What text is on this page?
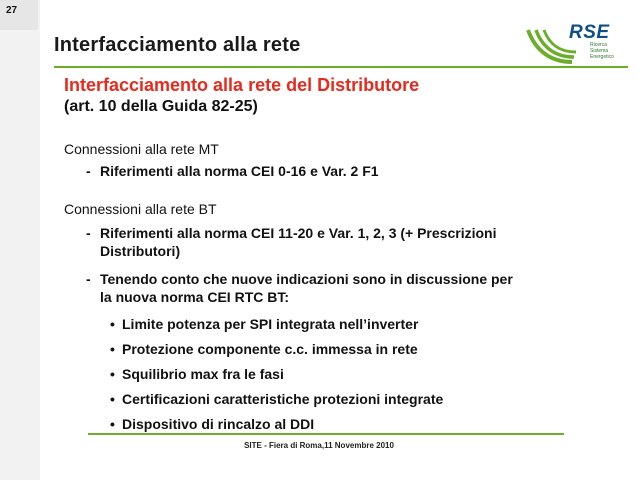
27
Interfacciamento alla rete
RSE
Ricerca
Sistema
Energetico
Interfacciamento alla rete del Distributore
(art. 10 della Guida 82-25)
Connessioni alla rete MT
- Riferimenti alla norma CEI 0-16 e Var. 2 F1
Connessioni alla rete BT
- Riferimenti alla norma CEI 11-20 e Var. 1, 2, 3 (+ Prescrizioni
Distributori)
- Tenendo conto che nuove indicazioni sono in discussione per
la nuova norma CEI RTC BT:
• Limite potenza per SPI integrata nell’inverter
• Protezione componente c.c. immessa in rete
• Squilibrio max fra le fasi
• Certificazioni caratteristiche protezioni integrate
• Dispositivo di rincalzo al DDI
SITE - Fiera di Roma,11 Novembre 2010
